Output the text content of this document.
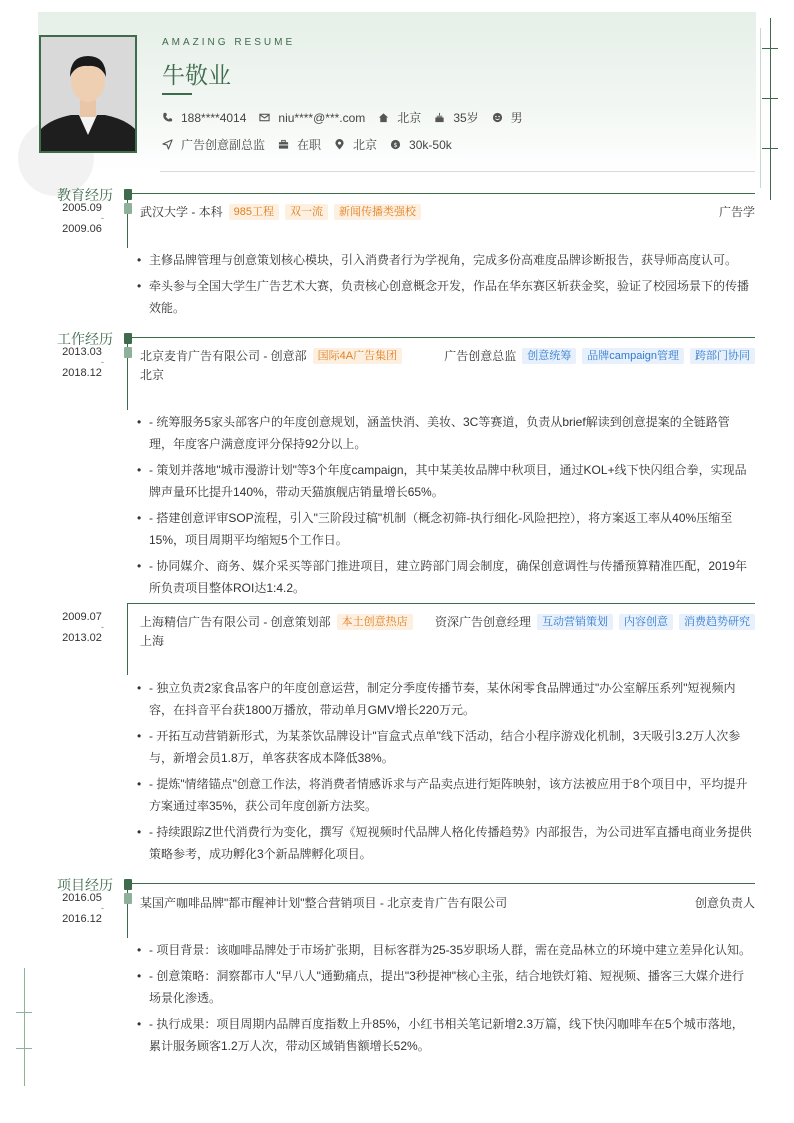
AMAZING RESUME
牛敬业
188****4014	niu****@***.com	北京	35岁	男
广告创意副总监	在职	北京 $ 30k-50k
教育经历
2005.09
-
2009.06
武汉大学 - 本科	985工程	双一流	新闻传播类强校	广告学
• 主修品牌管理与创意策划核心模块，引入消费者行为学视角，完成多份高难度品牌诊断报告，获导师高度认可。
• 牵头参与全国大学生广告艺术大赛，负责核心创意概念开发，作品在华东赛区斩获金奖，验证了校园场景下的传播效能。
工作经历
2013.03
-
2018.12
北京麦肯广告有限公司 - 创意部	国际4A广告集团	广告创意总监	创意统筹	品牌campaign管理	跨部门协同
北京
• - 统筹服务5家头部客户的年度创意规划，涵盖快消、美妆、3C等赛道，负责从brief解读到创意提案的全链路管理，年度客户满意度评分保持92分以上。
• - 策划并落地"城市漫游计划"等3个年度campaign，其中某美妆品牌中秋项目，通过KOL+线下快闪组合拳，实现品牌声量环比提升140%，带动天猫旗舰店销量增长65%。
• - 搭建创意评审SOP流程，引入"三阶段过稿"机制（概念初筛-执行细化-风险把控），将方案返工率从40%压缩至15%，项目周期平均缩短5个工作日。
• - 协同媒介、商务、媒介采买等部门推进项目，建立跨部门周会制度，确保创意调性与传播预算精准匹配，2019年所负责项目整体ROI达1:4.2。
2009.07
-
2013.02
上海精信广告有限公司 - 创意策划部	本土创意热店	资深广告创意经理	互动营销策划	内容创意	消费趋势研究
上海
• - 独立负责2家食品客户的年度创意运营，制定分季度传播节奏，某休闲零食品牌通过"办公室解压系列"短视频内容，在抖音平台获1800万播放，带动单月GMV增长220万元。
• - 开拓互动营销新形式，为某茶饮品牌设计"盲盒式点单"线下活动，结合小程序游戏化机制，3天吸引3.2万人次参与，新增会员1.8万，单客获客成本降低38%。
• - 提炼"情绪锚点"创意工作法，将消费者情感诉求与产品卖点进行矩阵映射，该方法被应用于8个项目中，平均提升方案通过率35%，获公司年度创新方法奖。
• - 持续跟踪Z世代消费行为变化，撰写《短视频时代品牌人格化传播趋势》内部报告，为公司进军直播电商业务提供策略参考，成功孵化3个新品牌孵化项目。
项目经历
2016.05
-
2016.12
某国产咖啡品牌"都市醒神计划"整合营销项目 - 北京麦肯广告有限公司	创意负责人
• - 项目背景：该咖啡品牌处于市场扩张期，目标客群为25-35岁职场人群，需在竞品林立的环境中建立差异化认知。
• - 创意策略：洞察都市人"早八人"通勤痛点，提出"3秒提神"核心主张，结合地铁灯箱、短视频、播客三大媒介进行场景化渗透。
• - 执行成果：项目周期内品牌百度指数上升85%，小红书相关笔记新增2.3万篇，线下快闪咖啡车在5个城市落地，累计服务顾客1.2万人次，带动区域销售额增长52%。
